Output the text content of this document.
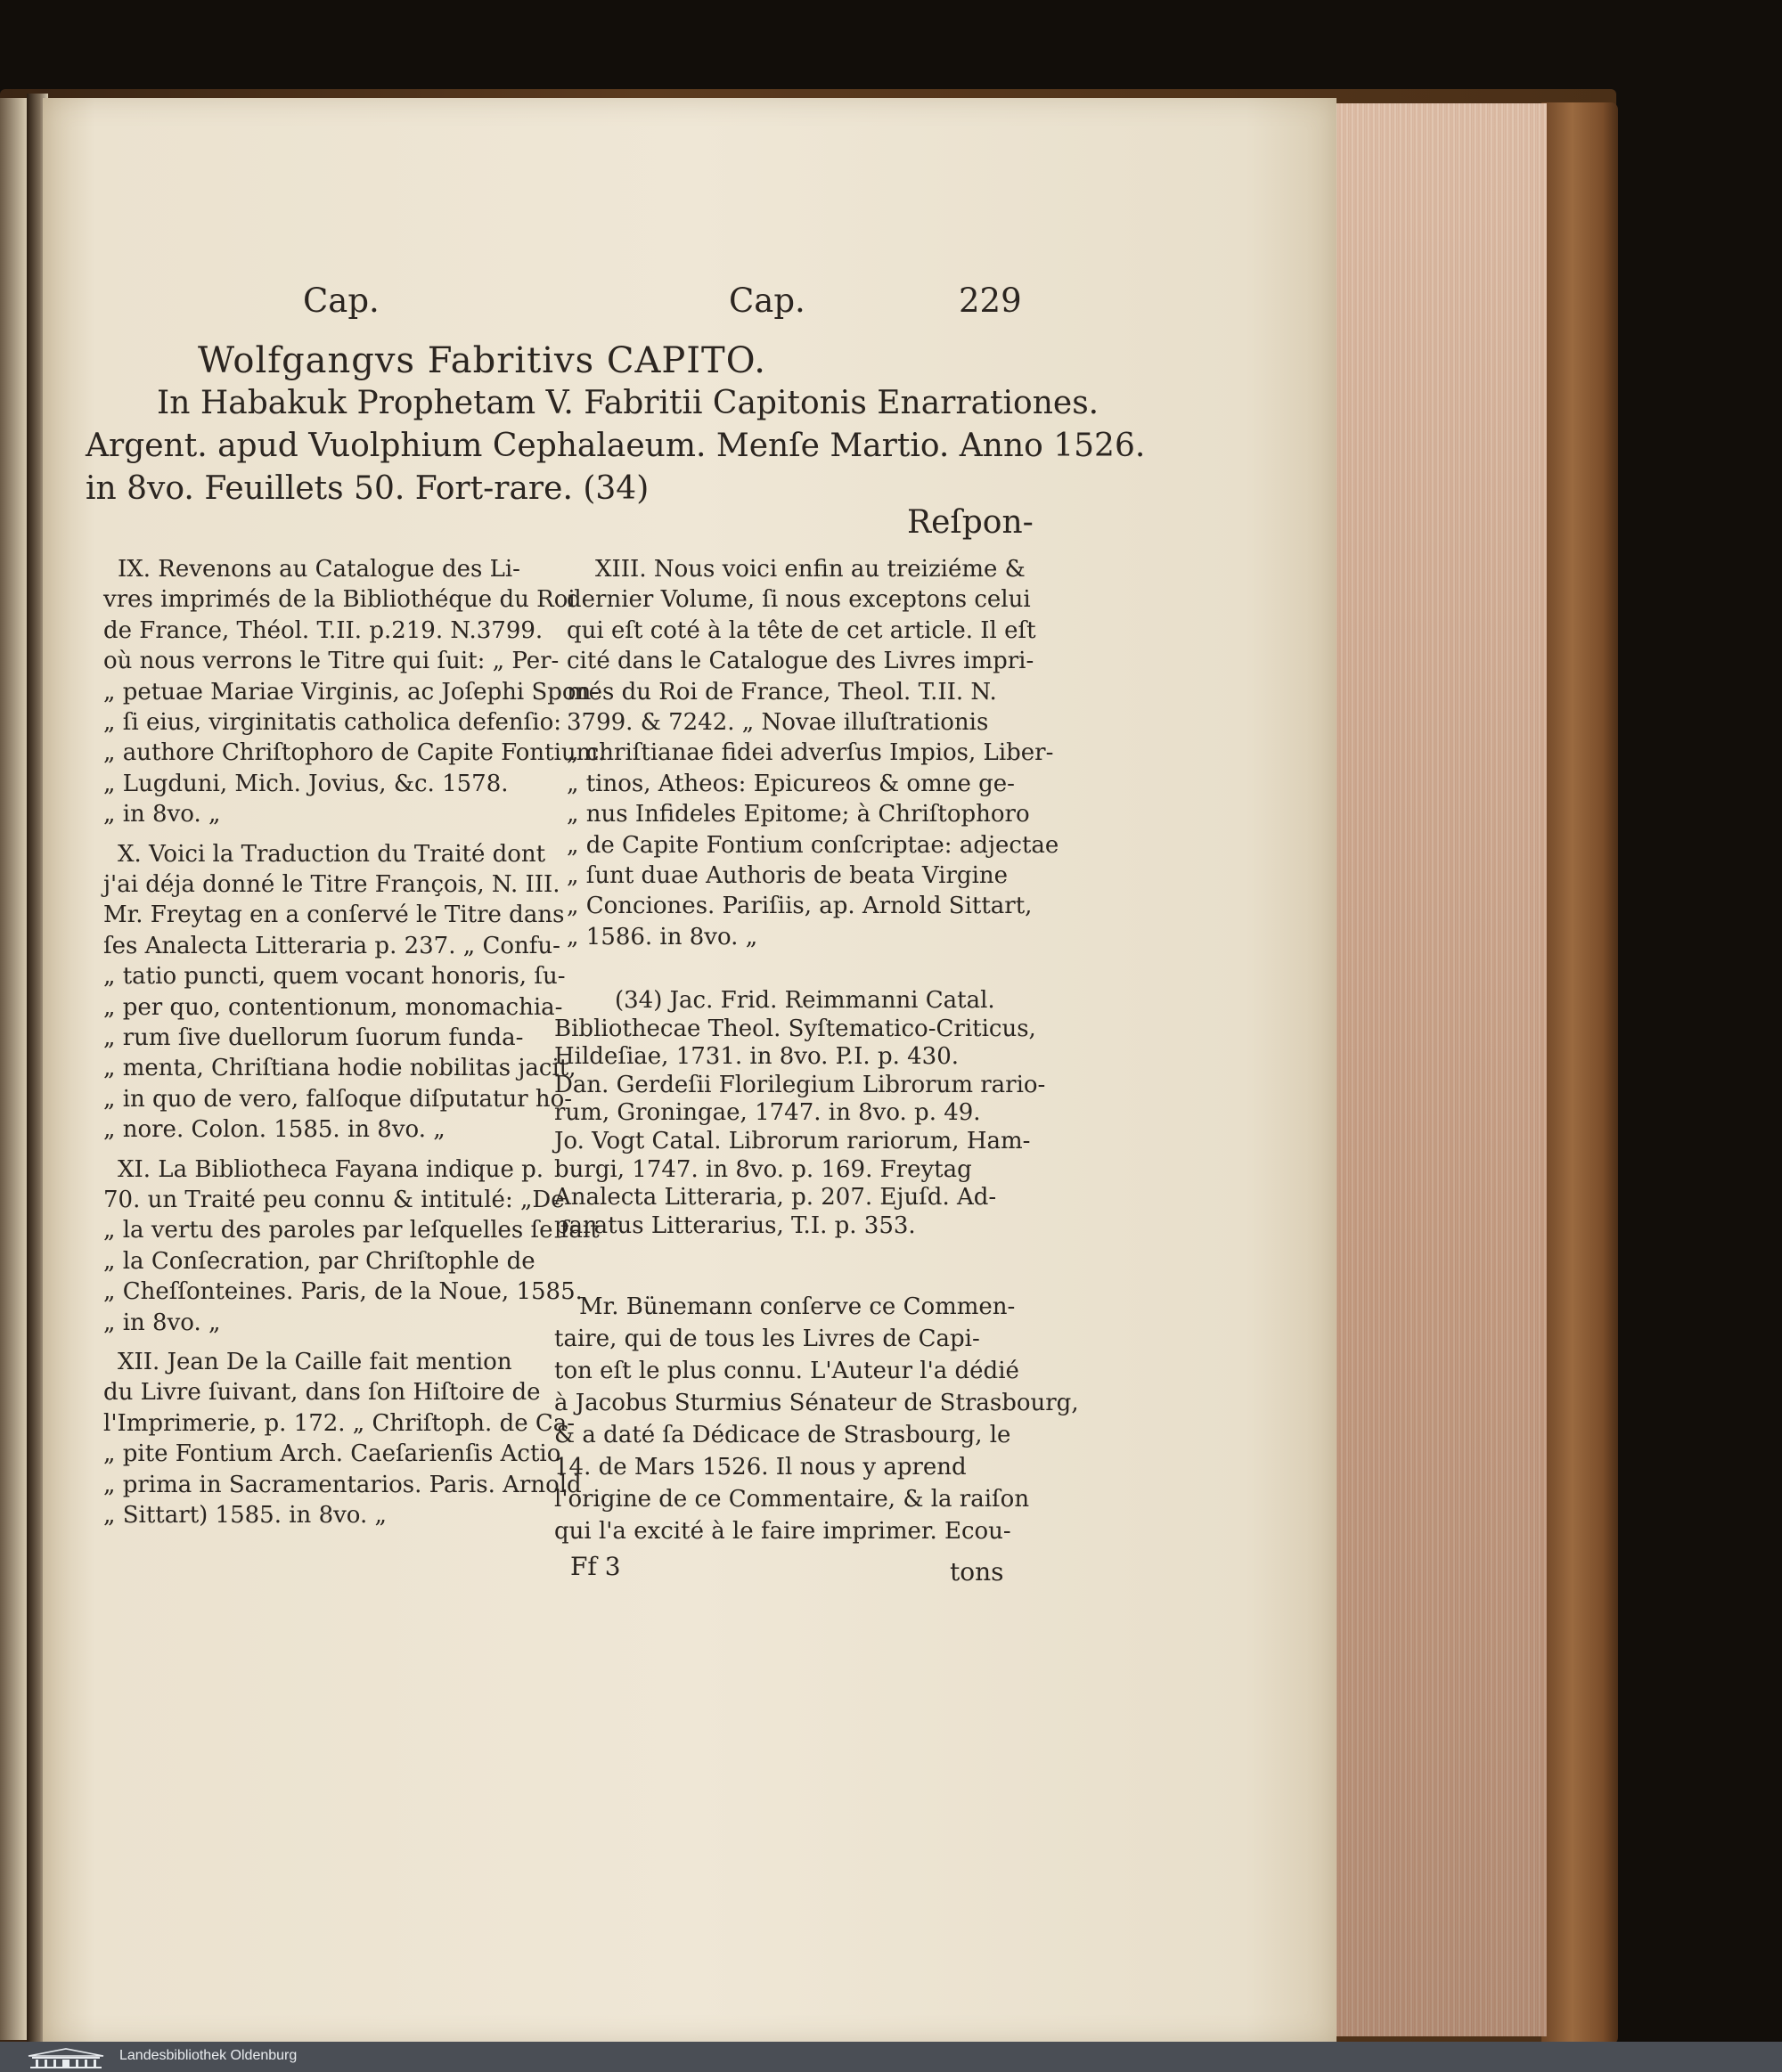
Cap.	Cap.	229
Wolfgangvs Fabritivs CAPITO.
In Habakuk Prophetam V. Fabritii Capitonis Enarrationes.
Argent. apud Vuolphium Cephalaeum. Menſe Martio. Anno 1526.
in 8vo. Feuillets 50. Fort-rare. (34)
Reſpon-
IX. Revenons au Catalogue des Li-
vres imprimés de la Bibliothéque du Roi
de France, Théol. T.II. p.219. N.3799.
où nous verrons le Titre qui ſuit: „ Per-
„ petuae Mariae Virginis, ac Joſephi Spon-
„ ſi eius, virginitatis catholica defenſio:
„ authore Chriſtophoro de Capite Fontium.
„ Lugduni, Mich. Jovius, &c. 1578.
„ in 8vo. „
X. Voici la Traduction du Traité dont
j'ai déja donné le Titre François, N. III.
Mr. Freytag en a conſervé le Titre dans
ſes Analecta Litteraria p. 237. „ Confu-
„ tatio puncti, quem vocant honoris, ſu-
„ per quo, contentionum, monomachia-
„ rum ſive duellorum ſuorum funda-
„ menta, Chriſtiana hodie nobilitas jacit,
„ in quo de vero, falſoque diſputatur ho-
„ nore. Colon. 1585. in 8vo. „
XI. La Bibliotheca Fayana indique p.
70. un Traité peu connu & intitulé: „De
„ la vertu des paroles par leſquelles ſe fait
„ la Conſecration, par Chriſtophle de
„ Cheſſonteines. Paris, de la Noue, 1585.
„ in 8vo. „
XII. Jean De la Caille fait mention
du Livre ſuivant, dans ſon Hiſtoire de
l'Imprimerie, p. 172. „ Chriſtoph. de Ca-
„ pite Fontium Arch. Caeſarienſis Actio
„ prima in Sacramentarios. Paris. Arnold
„ Sittart) 1585. in 8vo. „
XIII. Nous voici enfin au treiziéme &
dernier Volume, ſi nous exceptons celui
qui eſt coté à la tête de cet article. Il eſt
cité dans le Catalogue des Livres impri-
més du Roi de France, Theol. T.II. N.
3799. & 7242. „ Novae illuſtrationis
„ chriſtianae fidei adverſus Impios, Liber-
„ tinos, Atheos: Epicureos & omne ge-
„ nus Infideles Epitome; à Chriſtophoro
„ de Capite Fontium conſcriptae: adjectae
„ ſunt duae Authoris de beata Virgine
„ Conciones. Pariſiis, ap. Arnold Sittart,
„ 1586. in 8vo. „
(34) Jac. Frid. Reimmanni Catal.
Bibliothecae Theol. Syſtematico-Criticus,
Hildeſiae, 1731. in 8vo. P.I. p. 430.
Dan. Gerdeſii Florilegium Librorum rario-
rum, Groningae, 1747. in 8vo. p. 49.
Jo. Vogt Catal. Librorum rariorum, Ham-
burgi, 1747. in 8vo. p. 169. Freytag
Analecta Litteraria, p. 207. Ejuſd. Ad-
paratus Litterarius, T.I. p. 353.
Mr. Bünemann conſerve ce Commen-
taire, qui de tous les Livres de Capi-
ton eſt le plus connu. L'Auteur l'a dédié
à Jacobus Sturmius Sénateur de Strasbourg,
& a daté ſa Dédicace de Strasbourg, le
14. de Mars 1526. Il nous y aprend
l'origine de ce Commentaire, & la raiſon
qui l'a excité à le faire imprimer. Ecou-
Ff 3	tons
Landesbibliothek Oldenburg
